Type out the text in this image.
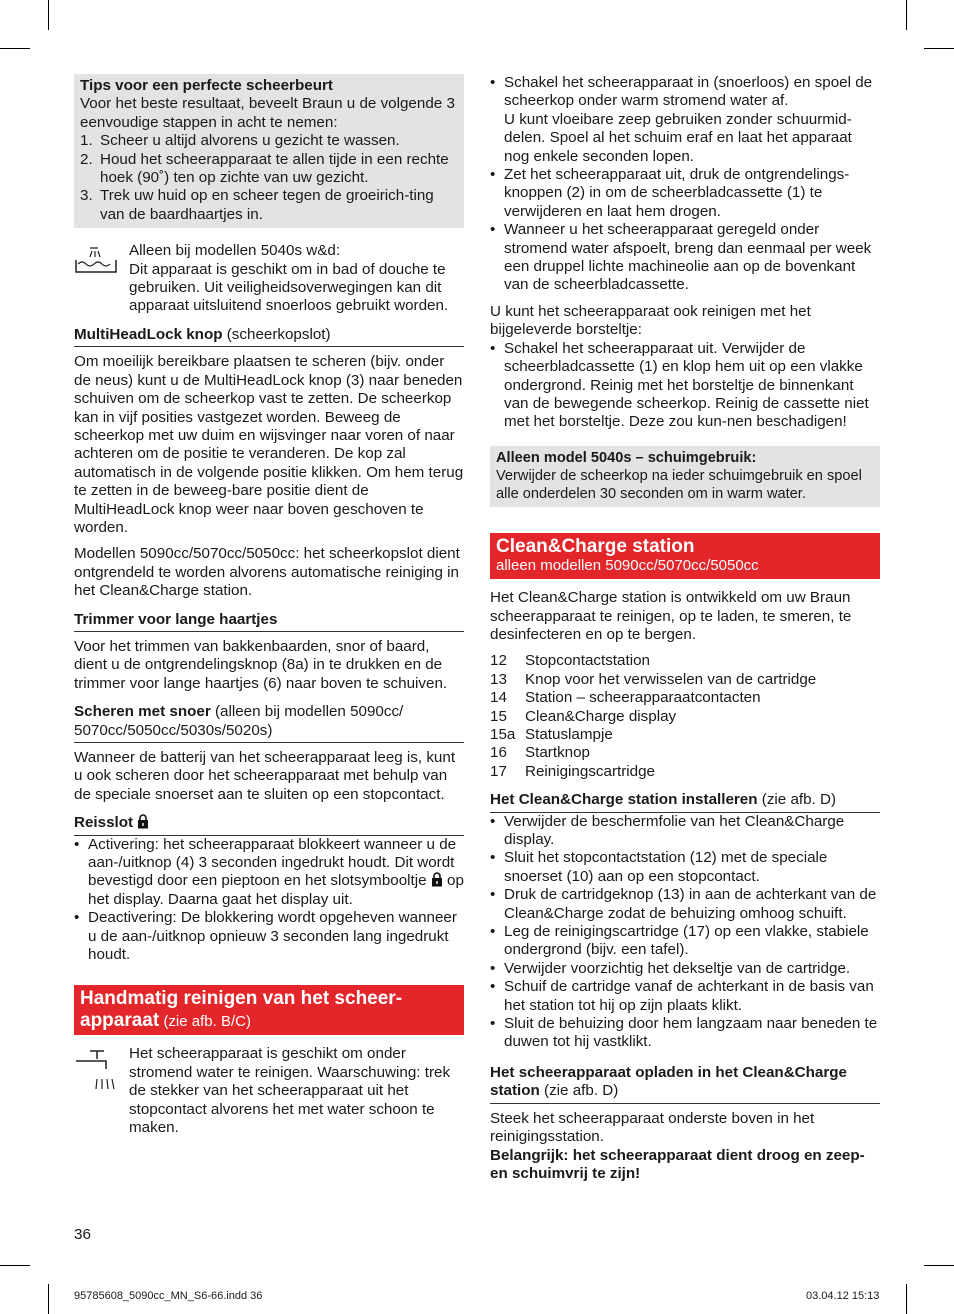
Tips voor een perfecte scheerbeurt
Voor het beste resultaat, beveelt Braun u de volgende 3 eenvoudige stappen in acht te nemen:
1. Scheer u altijd alvorens u gezicht te wassen.
2. Houd het scheerapparaat te allen tijde in een rechte hoek (90˚) ten op zichte van uw gezicht.
3. Trek uw huid op en scheer tegen de groeirich-ting van de baardhaartjes in.
Alleen bij modellen 5040s w&d:
Dit apparaat is geschikt om in bad of douche te gebruiken. Uit veiligheidsoverwegingen kan dit apparaat uitsluitend snoerloos gebruikt worden.
MultiHeadLock knop (scheerkopslot)

Om moeilijk bereikbare plaatsen te scheren (bijv. onder de neus) kunt u de MultiHeadLock knop (3) naar beneden schuiven om de scheerkop vast te zetten. De scheerkop kan in vijf posities vastgezet worden. Beweeg de scheerkop met uw duim en wijsvinger naar voren of naar achteren om de positie te veranderen. De kop zal automatisch in de volgende positie klikken. Om hem terug te zetten in de beweeg-bare positie dient de MultiHeadLock knop weer naar boven geschoven te worden.

Modellen 5090cc/5070cc/5050cc: het scheerkopslot dient ontgrendeld te worden alvorens automatische reiniging in het Clean&Charge station.

Trimmer voor lange haartjes

Voor het trimmen van bakkenbaarden, snor of baard, dient u de ontgrendelingsknop (8a) in te drukken en de trimmer voor lange haartjes (6) naar boven te schuiven.

Scheren met snoer (alleen bij modellen 5090cc/ 5070cc/5050cc/5030s/5020s)

Wanneer de batterij van het scheerapparaat leeg is, kunt u ook scheren door het scheerapparaat met behulp van de speciale snoerset aan te sluiten op een stopcontact.

Reisslot
• Activering: het scheerapparaat blokkeert wanneer u de aan-/uitknop (4) 3 seconden ingedrukt houdt. Dit wordt bevestigd door een pieptoon en het slotsymbooltje op het display. Daarna gaat het display uit.
• Deactivering: De blokkering wordt opgeheven wanneer u de aan-/uitknop opnieuw 3 seconden lang ingedrukt houdt.
Handmatig reinigen van het scheer-apparaat (zie afb. B/C)
Het scheerapparaat is geschikt om onder stromend water te reinigen. Waarschuwing: trek de stekker van het scheerapparaat uit het stopcontact alvorens het met water schoon te maken.
36
• Schakel het scheerapparaat in (snoerloos) en spoel de scheerkop onder warm stromend water af.
U kunt vloeibare zeep gebruiken zonder schuurmid-delen. Spoel al het schuim eraf en laat het apparaat nog enkele seconden lopen.
• Zet het scheerapparaat uit, druk de ontgrendelings-knoppen (2) in om de scheerbladcassette (1) te verwijderen en laat hem drogen.
• Wanneer u het scheerapparaat geregeld onder stromend water afspoelt, breng dan eenmaal per week een druppel lichte machineolie aan op de bovenkant van de scheerbladcassette.

U kunt het scheerapparaat ook reinigen met het bijgeleverde borsteltje:

• Schakel het scheerapparaat uit. Verwijder de scheerbladcassette (1) en klop hem uit op een vlakke ondergrond. Reinig met het borsteltje de binnenkant van de bewegende scheerkop. Reinig de cassette niet met het borsteltje. Deze zou kun-nen beschadigen!
Alleen model 5040s – schuimgebruik:
Verwijder de scheerkop na ieder schuimgebruik en spoel alle onderdelen 30 seconden om in warm water.
Clean&Charge station
alleen modellen 5090cc/5070cc/5050cc

Het Clean&Charge station is ontwikkeld om uw Braun scheerapparaat te reinigen, op te laden, te smeren, te desinfecteren en op te bergen.

12	Stopcontactstation
13	Knop voor het verwisselen van de cartridge
14	Station – scheerapparaatcontacten
15	Clean&Charge display
15a Statuslampje
16	Startknop
17	Reinigingscartridge
Het Clean&Charge station installeren (zie afb. D)
• Verwijder de beschermfolie van het Clean&Charge display.
• Sluit het stopcontactstation (12) met de speciale snoerset (10) aan op een stopcontact.
• Druk de cartridgeknop (13) in aan de achterkant van de Clean&Charge zodat de behuizing omhoog schuift.
• Leg de reinigingscartridge (17) op een vlakke, stabiele ondergrond (bijv. een tafel).
• Verwijder voorzichtig het dekseltje van de cartridge.
• Schuif de cartridge vanaf de achterkant in de basis van het station tot hij op zijn plaats klikt.
• Sluit de behuizing door hem langzaam naar beneden te duwen tot hij vastklikt.
Het scheerapparaat opladen in het Clean&Charge station (zie afb. D)

Steek het scheerapparaat onderste boven in het reinigingsstation.

Belangrijk: het scheerapparaat dient droog en zeep- en schuimvrij te zijn!

95785608_5090cc_MN_S6-66.indd 36	03.04.12 15:13
